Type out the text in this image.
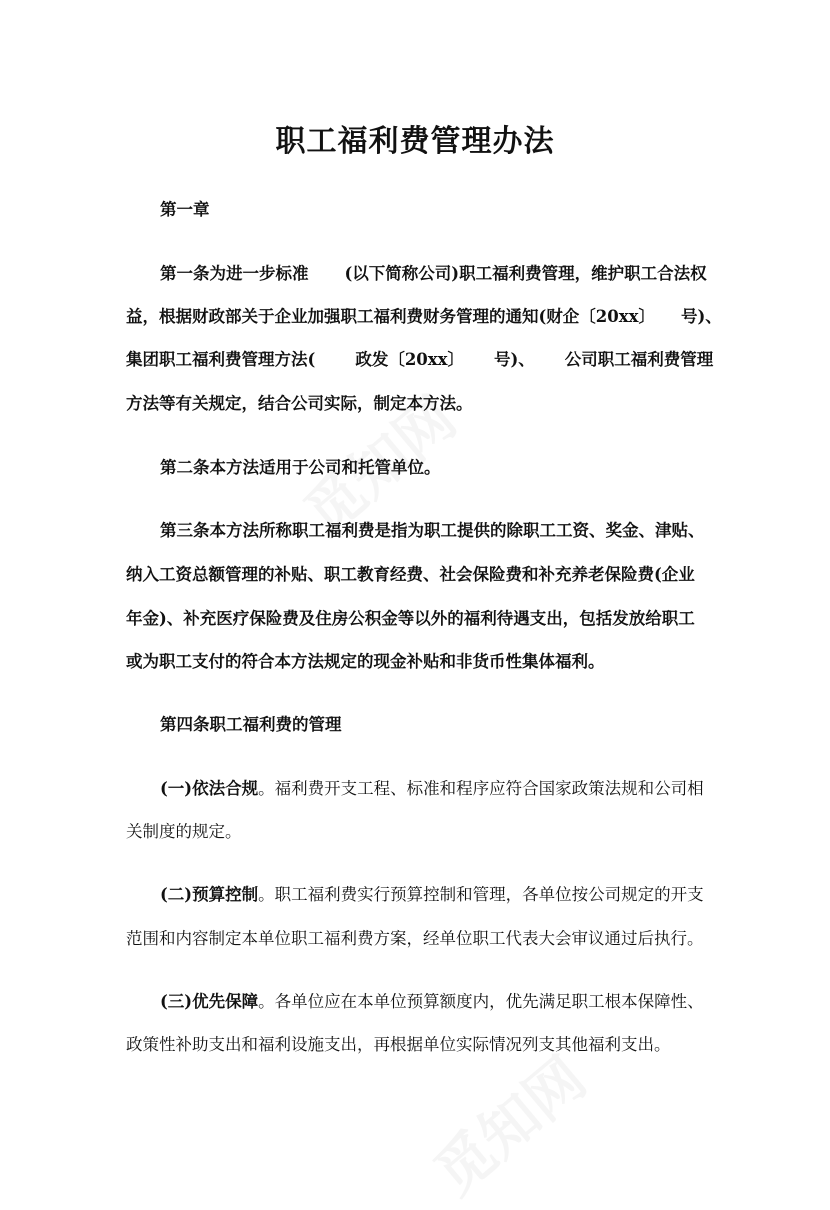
职工福利费管理办法
第一章
第一条为进一步标准 (以下简称公司)职工福利费管理，维护职工合法权
益，根据财政部关于企业加强职工福利费财务管理的通知(财企〔20xx〕 号)、
集团职工福利费管理方法( 政发〔20xx〕 号)、 公司职工福利费管理
方法等有关规定，结合公司实际，制定本方法。
第二条本方法适用于公司和托管单位。
第三条本方法所称职工福利费是指为职工提供的除职工工资、奖金、津贴、
纳入工资总额管理的补贴、职工教育经费、社会保险费和补充养老保险费(企业
年金)、补充医疗保险费及住房公积金等以外的福利待遇支出，包括发放给职工
或为职工支付的符合本方法规定的现金补贴和非货币性集体福利。
第四条职工福利费的管理
(一)依法合规。福利费开支工程、标准和程序应符合国家政策法规和公司相
关制度的规定。
(二)预算控制。职工福利费实行预算控制和管理，各单位按公司规定的开支
范围和内容制定本单位职工福利费方案，经单位职工代表大会审议通过后执行。
(三)优先保障。各单位应在本单位预算额度内，优先满足职工根本保障性、
政策性补助支出和福利设施支出，再根据单位实际情况列支其他福利支出。
